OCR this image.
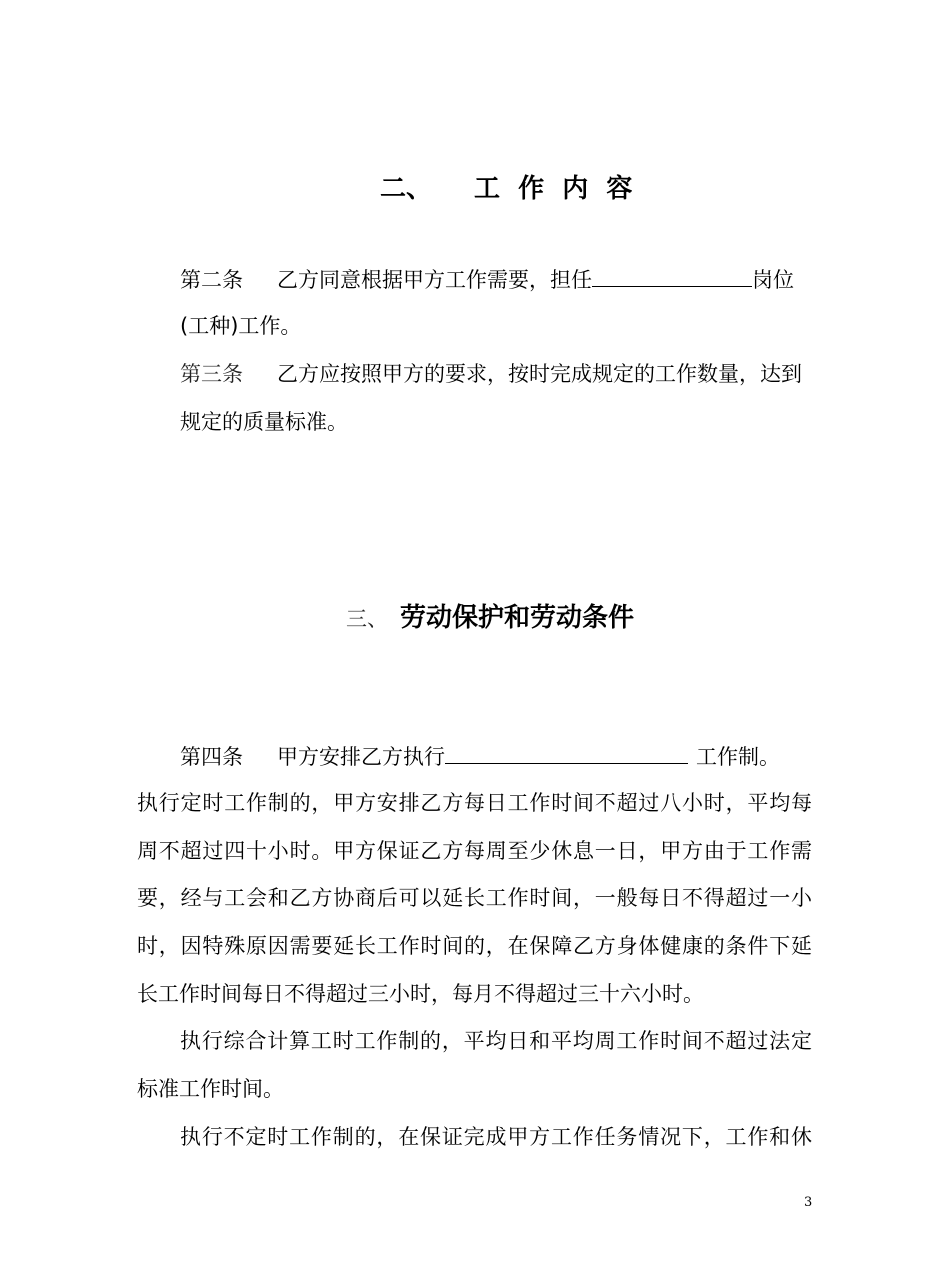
二、 工  作  内  容
第二条 乙方同意根据甲方工作需要，担任	岗位
(工种)工作。
第三条 乙方应按照甲方的要求，按时完成规定的工作数量，达到
规定的质量标准。
三、 劳动保护和劳动条件
第四条 甲方安排乙方执行	工作制。
执行定时工作制的，甲方安排乙方每日工作时间不超过八小时，平均每
周不超过四十小时。甲方保证乙方每周至少休息一日，甲方由于工作需
要，经与工会和乙方协商后可以延长工作时间，一般每日不得超过一小
时，因特殊原因需要延长工作时间的，在保障乙方身体健康的条件下延
长工作时间每日不得超过三小时，每月不得超过三十六小时。
执行综合计算工时工作制的，平均日和平均周工作时间不超过法定
标准工作时间。
执行不定时工作制的，在保证完成甲方工作任务情况下，工作和休
3
